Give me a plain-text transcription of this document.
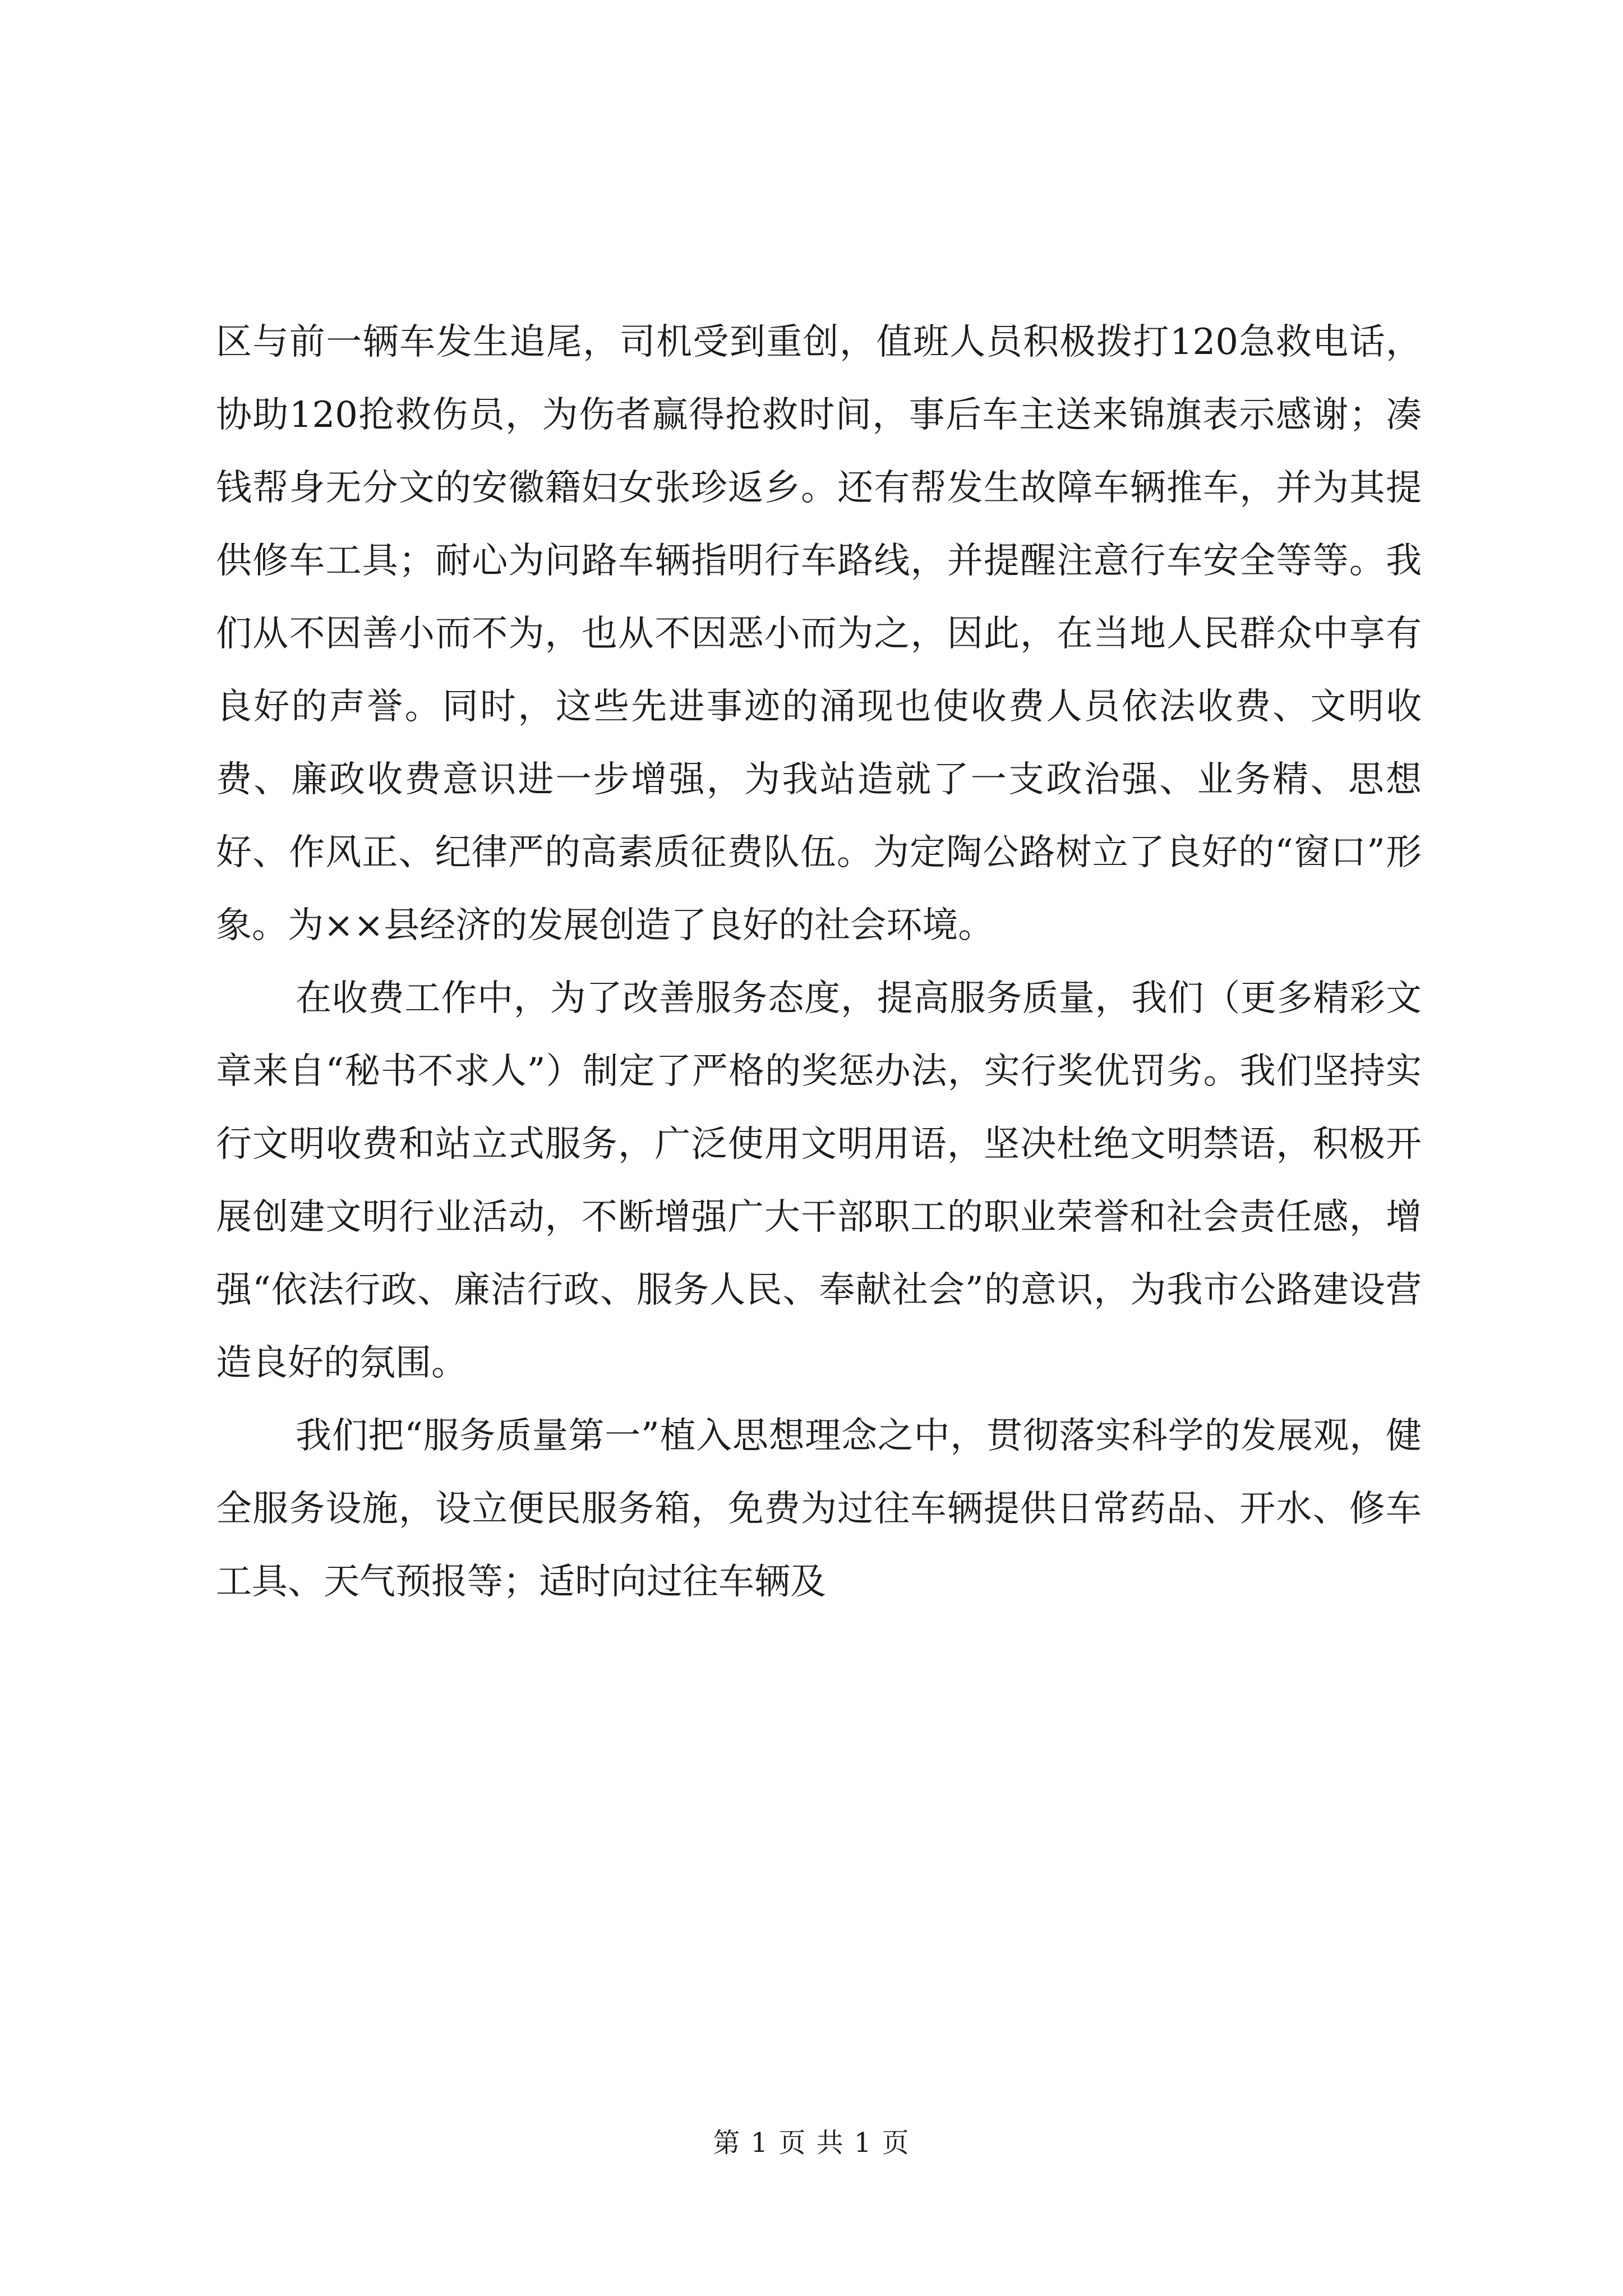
区与前一辆车发生追尾，司机受到重创，值班人员积极拨打120急救电话，协助120抢救伤员，为伤者赢得抢救时间，事后车主送来锦旗表示感谢；凑钱帮身无分文的安徽籍妇女张珍返乡。还有帮发生故障车辆推车，并为其提供修车工具；耐心为问路车辆指明行车路线，并提醒注意行车安全等等。我们从不因善小而不为，也从不因恶小而为之，因此，在当地人民群众中享有良好的声誉。同时，这些先进事迹的涌现也使收费人员依法收费、文明收费、廉政收费意识进一步增强，为我站造就了一支政治强、业务精、思想好、作风正、纪律严的高素质征费队伍。为定陶公路树立了良好的“窗口”形象。为××县经济的发展创造了良好的社会环境。

在收费工作中，为了改善服务态度，提高服务质量，我们（更多精彩文章来自“秘书不求人”）制定了严格的奖惩办法，实行奖优罚劣。我们坚持实行文明收费和站立式服务，广泛使用文明用语，坚决杜绝文明禁语，积极开展创建文明行业活动，不断增强广大干部职工的职业荣誉和社会责任感，增强“依法行政、廉洁行政、服务人民、奉献社会”的意识，为我市公路建设营造良好的氛围。

我们把“服务质量第一”植入思想理念之中，贯彻落实科学的发展观，健全服务设施，设立便民服务箱，免费为过往车辆提供日常药品、开水、修车工具、天气预报等；适时向过往车辆及

第 1 页 共 1 页
